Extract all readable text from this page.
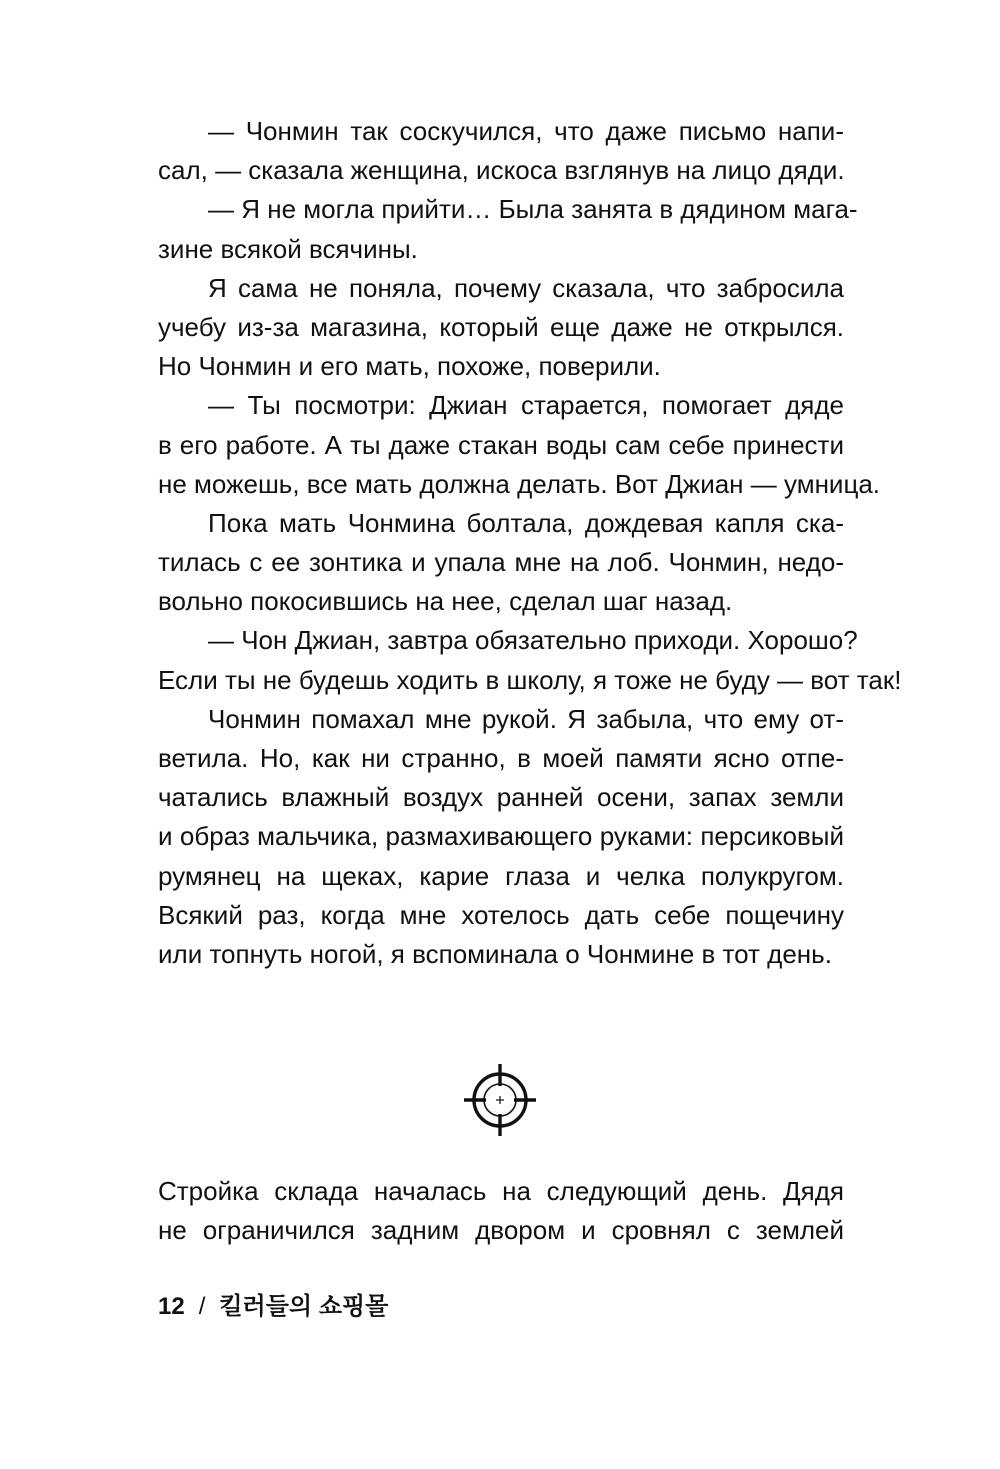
— Чонмин так соскучился, что даже письмо напи-
сал, — сказала женщина, искоса взглянув на лицо дяди.
— Я не могла прийти… Была занята в дядином мага-
зине всякой всячины.
Я сама не поняла, почему сказала, что забросила
учебу из-за магазина, который еще даже не открылся.
Но Чонмин и его мать, похоже, поверили.
— Ты посмотри: Джиан старается, помогает дяде
в его работе. А ты даже стакан воды сам себе принести
не можешь, все мать должна делать. Вот Джиан — умница.
Пока мать Чонмина болтала, дождевая капля ска-
тилась с ее зонтика и упала мне на лоб. Чонмин, недо-
вольно покосившись на нее, сделал шаг назад.
— Чон Джиан, завтра обязательно приходи. Хорошо?
Если ты не будешь ходить в школу, я тоже не буду — вот так!
Чонмин помахал мне рукой. Я забыла, что ему от-
ветила. Но, как ни странно, в моей памяти ясно отпе-
чатались влажный воздух ранней осени, запах земли
и образ мальчика, размахивающего руками: персиковый
румянец на щеках, карие глаза и челка полукругом.
Всякий раз, когда мне хотелось дать себе пощечину
или топнуть ногой, я вспоминала о Чонмине в тот день.
Стройка склада началась на следующий день. Дядя
не ограничился задним двором и сровнял с землей
12 / 킬러들의 쇼핑몰
